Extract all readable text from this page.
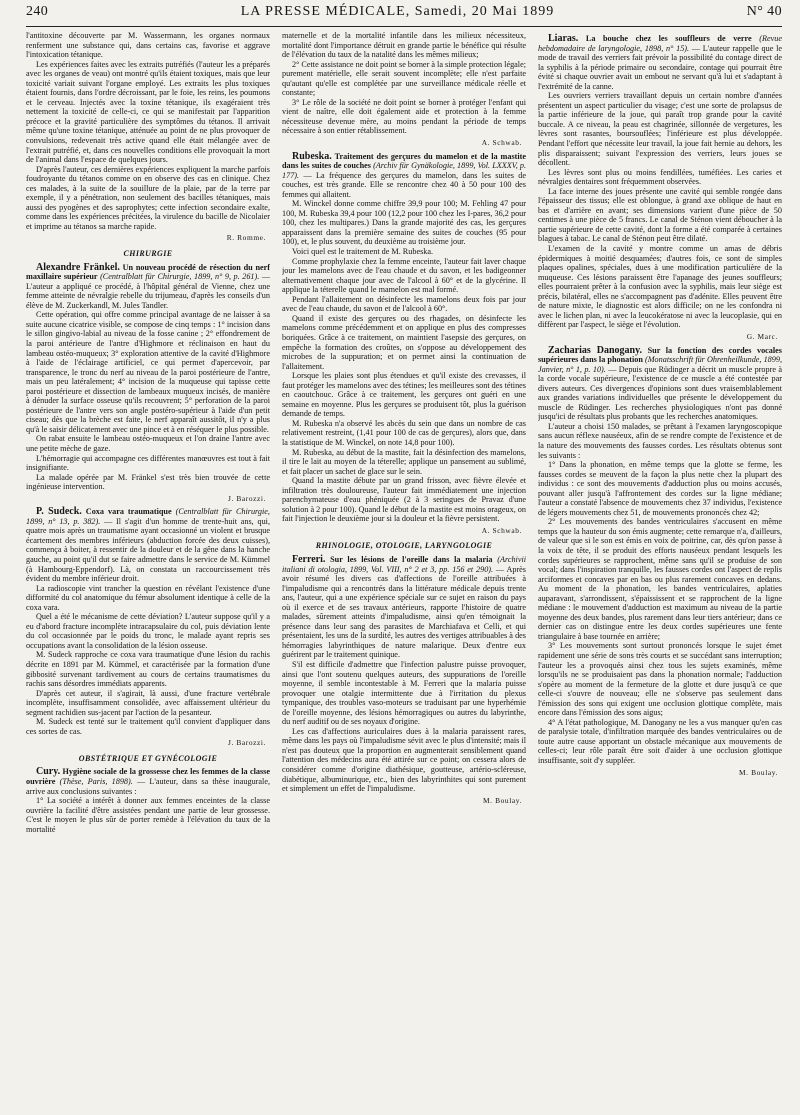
240	LA PRESSE MÉDICALE, Samedi, 20 Mai 1899	N° 40

l'antitoxine découverte par M. Wassermann, les organes normaux renferment une substance qui, dans certains cas, favorise et aggrave l'intoxication tétanique.

Les expériences faites avec les extraits putréfiés (l'auteur les a préparés avec les organes de veau) ont montré qu'ils étaient toxiques, mais que leur toxicité variait suivant l'organe employé. Les extraits les plus toxiques étaient fournis, dans l'ordre décroissant, par le foie, les reins, les poumons et le cerveau. Injectés avec la toxine tétanique, ils exagéraient très nettement la toxicité de celle-ci, ce qui se manifestait par l'apparition précoce et la gravité particulière des symptômes du tétanos. Il arrivait même qu'une toxine tétanique, atténuée au point de ne plus provoquer de convulsions, redevenait très active quand elle était mélangée avec de l'extrait putréfié, et, dans ces nouvelles conditions elle provoquait la mort de l'animal dans l'espace de quelques jours.

D'après l'auteur, ces dernières expériences expliquent la marche parfois foudroyante du tétanos comme on en observe des cas en clinique. Chez ces malades, à la suite de la souillure de la plaie, par de la terre par exemple, il y a pénétration, non seulement des bacilles tétaniques, mais aussi des pyogènes et des saprophytes; cette infection secondaire exalte, comme dans les expériences précitées, la virulence du bacille de Nicolaier et imprime au tétanos sa marche rapide.

R. Romme.
CHIRURGIE

Alexandre Fränkel. Un nouveau procédé de résection du nerf maxillaire supérieur (Centralblatt für Chirurgie, 1899, n° 9, p. 261). — L'auteur a appliqué ce procédé, à l'hôpital général de Vienne, chez une femme atteinte de névralgie rebelle du trijumeau, d'après les conseils d'un élève de M. Zuckerkandl, M. Jules Tandler.

Cette opération, qui offre comme principal avantage de ne laisser à sa suite aucune cicatrice visible, se compose de cinq temps : 1° incision dans le sillon gingivo-labial au niveau de la fosse canine ; 2° effondrement de la paroi antérieure de l'antre d'Highmore et réclinaison en haut du lambeau ostéo-muqueux; 3° exploration attentive de la cavité d'Highmore à l'aide de l'éclairage artificiel, ce qui permet d'apercevoir, par transparence, le tronc du nerf au niveau de la paroi postérieure de l'antre, mais un peu latéralement; 4° incision de la muqueuse qui tapisse cette paroi postérieure et dissection de lambeaux muqueux incisés, de manière à dénuder la surface osseuse qu'ils recouvrent; 5° perforation de la paroi postérieure de l'antre vers son angle postéro-supérieur à l'aide d'un petit ciseau; dès que la brèche est faite, le nerf apparaît aussitôt, il n'y a plus qu'à le saisir délicatement avec une pince et à en réséquer le plus possible.

On rabat ensuite le lambeau ostéo-muqueux et l'on draine l'antre avec une petite mèche de gaze.

L'hémorragie qui accompagne ces différentes manœuvres est tout à fait insignifiante.

La malade opérée par M. Fränkel s'est très bien trouvée de cette ingénieuse intervention.

J. Barozzi.

P. Sudeck. Coxa vara traumatique (Centralblatt für Chirurgie, 1899, n° 13, p. 382). — Il s'agit d'un homme de trente-huit ans, qui, quatre mois après un traumatisme ayant occasionné un violent et brusque écartement des membres inférieurs (abduction forcée des deux cuisses), commença à boiter, à ressentir de la douleur et de la gêne dans la hanche gauche, au point qu'il dut se faire admettre dans le service de M. Kümmel (à Hambourg-Eppendorf). Là, on constata un raccourcissement très évident du membre inférieur droit.

La radioscopie vint trancher la question en révélant l'existence d'une difformité du col anatomique du fémur absolument identique à celle de la coxa vara.

Quel a été le mécanisme de cette déviation? L'auteur suppose qu'il y a eu d'abord fracture incomplète intracapsulaire du col, puis déviation lente du col occasionnée par le poids du tronc, le malade ayant repris ses occupations avant la consolidation de la lésion osseuse.

M. Sudeck rapproche ce coxa vara traumatique d'une lésion du rachis décrite en 1891 par M. Kümmel, et caractérisée par la formation d'une gibbosité survenant tardivement au cours de certains traumatismes du rachis sans désordres immédiats apparents.

D'après cet auteur, il s'agirait, là aussi, d'une fracture vertébrale incomplète, insuffisamment consolidée, avec affaissement ultérieur du segment rachidien sus-jacent par l'action de la pesanteur.

M. Sudeck est tenté sur le traitement qu'il convient d'appliquer dans ces sortes de cas.

J. Barozzi.
OBSTÉTRIQUE ET GYNÉCOLOGIE

Cury. Hygiène sociale de la grossesse chez les femmes de la classe ouvrière (Thèse, Paris, 1898). — L'auteur, dans sa thèse inaugurale, arrive aux conclusions suivantes :

1° La société a intérêt à donner aux femmes enceintes de la classe ouvrière la facilité d'être assistées pendant une partie de leur grossesse. C'est le moyen le plus sûr de porter remède à l'élévation du taux de la mortalité

maternelle et de la mortalité infantile dans les milieux nécessiteux, mortalité dont l'importance détruit en grande partie le bénéfice qui résulte de l'élévation du taux de la natalité dans les mêmes milieux;

2° Cette assistance ne doit point se borner à la simple protection légale; purement matérielle, elle serait souvent incomplète; elle n'est parfaite qu'autant qu'elle est complétée par une surveillance médicale réelle et constante;

3° Le rôle de la société ne doit point se borner à protéger l'enfant qui vient de naître, elle doit également aide et protection à la femme nécessiteuse devenue mère, au moins pendant la période de temps nécessaire à son entier rétablissement.

A. Schwab.

Rubeska. Traitement des gerçures du mamelon et de la mastite dans les suites de couches (Archiv für Gynäkologie, 1899, Vol. LXXXV, p. 177). — La fréquence des gerçures du mamelon, dans les suites de couches, est très grande. Elle se rencontre chez 40 à 50 pour 100 des femmes qui allaitent.

M. Winckel donne comme chiffre 39,9 pour 100; M. Fehling 47 pour 100, M. Rubeska 39,4 pour 100 (12,2 pour 100 chez les I-pares, 36,2 pour 100, chez les multipares.) Dans la grande majorité des cas, les gerçures apparaissent dans la première semaine des suites de couches (95 pour 100), et, le plus souvent, du deuxième au troisième jour.

Voici quel est le traitement de M. Rubeska.

Comme prophylaxie chez la femme enceinte, l'auteur fait laver chaque jour les mamelons avec de l'eau chaude et du savon, et les badigeonner alternativement chaque jour avec de l'alcool à 60° et de la glycérine. Il applique la téterelle quand le mamelon est mal formé.

Pendant l'allaitement on désinfecte les mamelons deux fois par jour avec de l'eau chaude, du savon et de l'alcool à 60°.

Quand il existe des gerçures ou des rhagades, on désinfecte les mamelons comme précédemment et on applique en plus des compresses boriquées. Grâce à ce traitement, on maintient l'asepsie des gerçures, on empêche la formation des croûtes, on s'oppose au développement des microbes de la suppuration; et on permet ainsi la continuation de l'allaitement.

Lorsque les plaies sont plus étendues et qu'il existe des crevasses, il faut protéger les mamelons avec des tétines; les meilleures sont des tétines en caoutchouc. Grâce à ce traitement, les gerçures ont guéri en une semaine en moyenne. Plus les gerçures se produisent tôt, plus la guérison demande de temps.

M. Rubeska n'a observé les abcès du sein que dans un nombre de cas relativement restreint, (1,41 pour 100 de cas de gerçures), alors que, dans la statistique de M. Winckel, on note 14,8 pour 100).

M. Rubeska, au début de la mastite, fait la désinfection des mamelons, il tire le lait au moyen de la téterelle; applique un pansement au sublimé, et fait placer un sachet de glace sur le sein.

Quand la mastite débute par un grand frisson, avec fièvre élevée et infiltration très douloureuse, l'auteur fait immédiatement une injection parenchymateuse d'eau phéniquée (2 à 3 seringues de Pravaz d'une solution à 2 pour 100). Quand le début de la mastite est moins orageux, on fait l'injection le deuxième jour si la douleur et la fièvre persistent.

A. Schwab.
RHINOLOGIE, OTOLOGIE, LARYNGOLOGIE

Ferreri. Sur les lésions de l'oreille dans la malaria (Archivii italiani di otologia, 1899, Vol. VIII, n° 2 et 3, pp. 156 et 290). — Après avoir résumé les divers cas d'affections de l'oreille attribuées à l'impaludisme qui a rencontrés dans la littérature médicale depuis trente ans, l'auteur, qui a une expérience spéciale sur ce sujet en raison du pays où il exerce et de ses travaux antérieurs, rapporte l'histoire de quatre malades, sûrement atteints d'impaludisme, ainsi qu'en témoignait la présence dans leur sang des parasites de Marchiafava et Celli, et qui présentaient, les uns de la surdité, les autres des vertiges attribuables à des hémorragies labyrinthiques de nature malarique. Deux d'entre eux guérirent par le traitement quinique.

S'il est difficile d'admettre que l'infection palustre puisse provoquer, ainsi que l'ont soutenu quelques auteurs, des suppurations de l'oreille moyenne, il semble incontestable à M. Ferreri que la malaria puisse provoquer une otalgie intermittente due à l'irritation du plexus tympanique, des troubles vaso-moteurs se traduisant par une hyperhémie de l'oreille moyenne, des lésions hémorragiques ou autres du labyrinthe, du nerf auditif ou de ses noyaux d'origine.

Les cas d'affections auriculaires dues à la malaria paraissent rares, même dans les pays où l'impaludisme sévit avec le plus d'intensité; mais il n'est pas douteux que la proportion en augmenterait sensiblement quand l'attention des médecins aura été attirée sur ce point; on cessera alors de considérer comme d'origine diathésique, goutteuse, artério-scléreuse, diabétique, albuminurique, etc., bien des labyrinthites qui sont purement et simplement un effet de l'impaludisme.

M. Boulay.

Liaras. La bouche chez les souffleurs de verre (Revue hebdomadaire de laryngologie, 1898, n° 15). — L'auteur rappelle que le mode de travail des verriers fait prévoir la possibilité du contage direct de la syphilis à la période primaire ou secondaire, contage qui pourrait être évité si chaque ouvrier avait un embout ne servant qu'à lui et s'adaptant à l'extrémité de la canne.

Les ouvriers verriers travaillant depuis un certain nombre d'années présentent un aspect particulier du visage; c'est une sorte de prolapsus de la partie inférieure de la joue, qui paraît trop grande pour la cavité buccale. A ce niveau, la peau est chagrinée, sillonnée de vergetures, les lèvres sont rasantes, boursouflées; l'inférieure est plus développée. Pendant l'effort que nécessite leur travail, la joue fait hernie au dehors, les plis disparaissent; suivant l'expression des verriers, leurs joues se décollent.

Les lèvres sont plus ou moins fendillées, tuméfiées. Les caries et névralgies dentaires sont fréquemment observées.

La face interne des joues présente une cavité qui semble rongée dans l'épaisseur des tissus; elle est oblongue, à grand axe oblique de haut en bas et d'arrière en avant; ses dimensions varient d'une pièce de 50 centimes à une pièce de 5 francs. Le canal de Sténon vient déboucher à la partie supérieure de cette cavité, dont la forme a été comparée à certaines blagues à tabac. Le canal de Sténon peut être dilaté.

L'examen de la cavité y montre comme un amas de débris épidermiques à moitié desquamées; d'autres fois, ce sont de simples plaques opalines, spéciales, dues à une modification particulière de la muqueuse. Ces lésions paraissent être l'apanage des jeunes souffleurs; elles pourraient prêter à la confusion avec la syphilis, mais leur siège est précis, bilatéral, elles ne s'accompagnent pas d'adénite. Elles peuvent être de nature mixte, le diagnostic est alors difficile; on ne les confondra ni avec le lichen plan, ni avec la leucokératose ni avec la leucoplasie, qui en diffèrent par l'aspect, le siège et l'évolution.

G. Marc.

Zacharias Danogany. Sur la fonction des cordes vocales supérieures dans la phonation (Monatsschrift für Ohrenheilkunde, 1899, Janvier, n° 1, p. 10). — Depuis que Rüdinger a décrit un muscle propre à la corde vocale supérieure, l'existence de ce muscle a été contestée par divers auteurs. Ces divergences d'opinions sont dues vraisemblablement aux grandes variations individuelles que présente le développement du muscle de Rüdinger. Les recherches physiologiques n'ont pas donné jusqu'ici de résultats plus probants que les recherches anatomiques.

L'auteur a choisi 150 malades, se prêtant à l'examen laryngoscopique sans aucun réflexe nauséeux, afin de se rendre compte de l'existence et de la nature des mouvements des fausses cordes. Les résultats obtenus sont les suivants :

1° Dans la phonation, en même temps que la glotte se ferme, les fausses cordes se meuvent de la façon la plus nette chez la plupart des individus : ce sont des mouvements d'adduction plus ou moins accusés, pouvant aller jusqu'à l'affrontement des cordes sur la ligne médiane; l'auteur a constaté l'absence de mouvements chez 37 individus, l'existence de légers mouvements chez 51, de mouvements prononcés chez 42;

2° Les mouvements des bandes ventriculaires s'accusent en même temps que la hauteur du son émis augmente; cette remarque n'a, d'ailleurs, de valeur que si le son est émis en voix de poitrine, car, dès qu'on passe à la voix de tête, il se produit des efforts nauséeux pendant lesquels les cordes supérieures se rapprochent, même sans qu'il se produise de son vocal; dans l'inspiration tranquille, les fausses cordes ont l'aspect de replis arciformes et concaves par en bas ou plus rarement concaves en dedans. Au moment de la phonation, les bandes ventriculaires, aplaties auparavant, s'arrondissent, s'épaississent et se rapprochent de la ligne médiane : le mouvement d'adduction est maximum au niveau de la partie moyenne des deux bandes, plus rarement dans leur tiers antérieur; dans ce dernier cas on distingue entre les deux cordes supérieures une fente triangulaire à base tournée en arrière;

3° Les mouvements sont surtout prononcés lorsque le sujet émet rapidement une série de sons très courts et se succédant sans interruption; l'auteur les a provoqués ainsi chez tous les sujets examinés, même lorsqu'ils ne se produisaient pas dans la phonation normale; l'adduction s'opère au moment de la fermeture de la glotte et dure jusqu'à ce que celle-ci s'ouvre de nouveau; elle ne s'observe pas seulement dans l'émission des sons qui exigent une occlusion glottique complète, mais encore dans l'émission des sons aigus;

4° A l'état pathologique, M. Danogany ne les a vus manquer qu'en cas de paralysie totale, d'infiltration marquée des bandes ventriculaires ou de toute autre cause apportant un obstacle mécanique aux mouvements de celles-ci; leur rôle paraît être soit d'aider à une occlusion glottique insuffisante, soit d'y suppléer.

M. Boulay.
